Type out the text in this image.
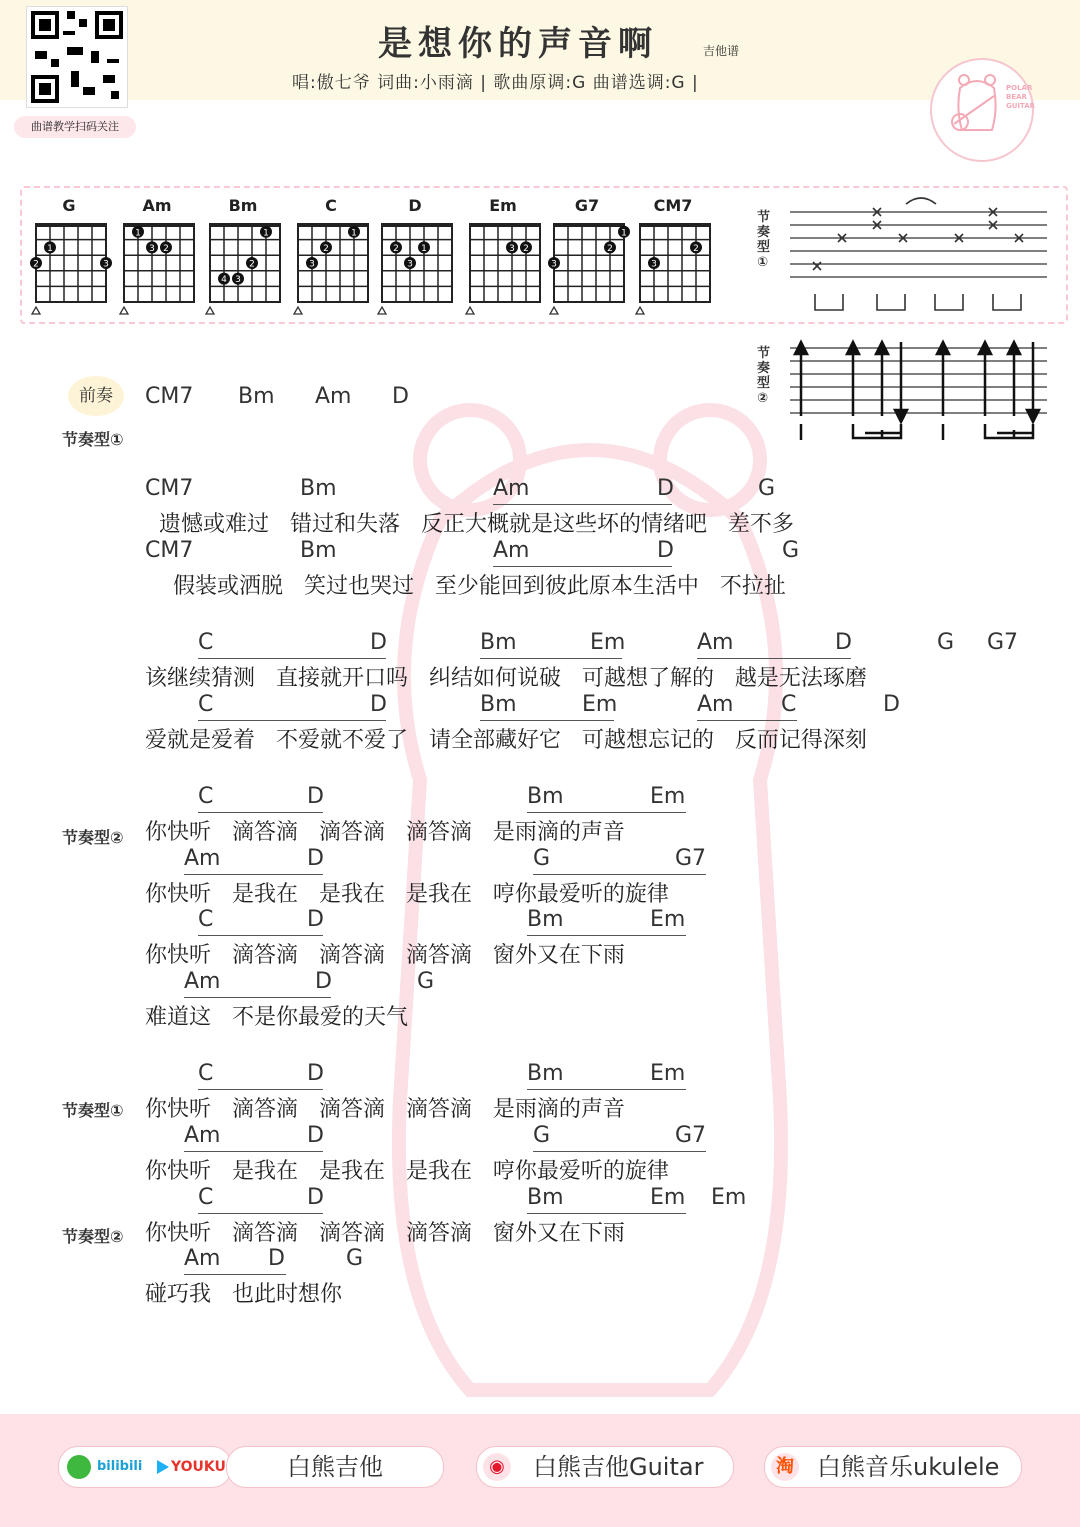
曲谱教学扫码关注
是想你的声音啊	吉他谱
唱:傲七爷 词曲:小雨滴 | 歌曲原调:G 曲谱选调:G |	POLAR
BEAR
GUITAR
G
2
1
3
Am
1
2
3
Bm
1
2
3
4
C
1
2
3
D
1
2
3
Em
2
3
G7
1
2
3
CM7
2
3
节
奏
型
①
节
奏
型
②
前奏	CM7 Bm Am D
节奏型①
节奏型②
节奏型①
节奏型②
CM7	Bm	Am	D	G
遗憾或难过   错过和失落   反正大概就是这些坏的情绪吧   差不多
CM7	Bm	Am	D	G
假装或洒脱   笑过也哭过   至少能回到彼此原本生活中   不拉扯
C	D	Bm	Em	Am	D	G G7
该继续猜测   直接就开口吗   纠结如何说破   可越想了解的   越是无法琢磨
C	D	Bm	Em	Am C	D
爱就是爱着   不爱就不爱了   请全部藏好它   可越想忘记的   反而记得深刻
C	D	Bm	Em
你快听   滴答滴   滴答滴   滴答滴   是雨滴的声音
Am	D	G	G7
你快听   是我在   是我在   是我在   哼你最爱听的旋律
C	D	Bm	Em
你快听   滴答滴   滴答滴   滴答滴   窗外又在下雨
Am	D	G
难道这   不是你最爱的天气
C	D	Bm	Em
你快听   滴答滴   滴答滴   滴答滴   是雨滴的声音
Am	D	G	G7
你快听   是我在   是我在   是我在   哼你最爱听的旋律
C	D	Bm	Em Em
你快听   滴答滴   滴答滴   滴答滴   窗外又在下雨
Am D	G
碰巧我   也此时想你
bilibili YOUKU	白熊吉他	◉ 白熊吉他Guitar	淘 白熊音乐ukulele
